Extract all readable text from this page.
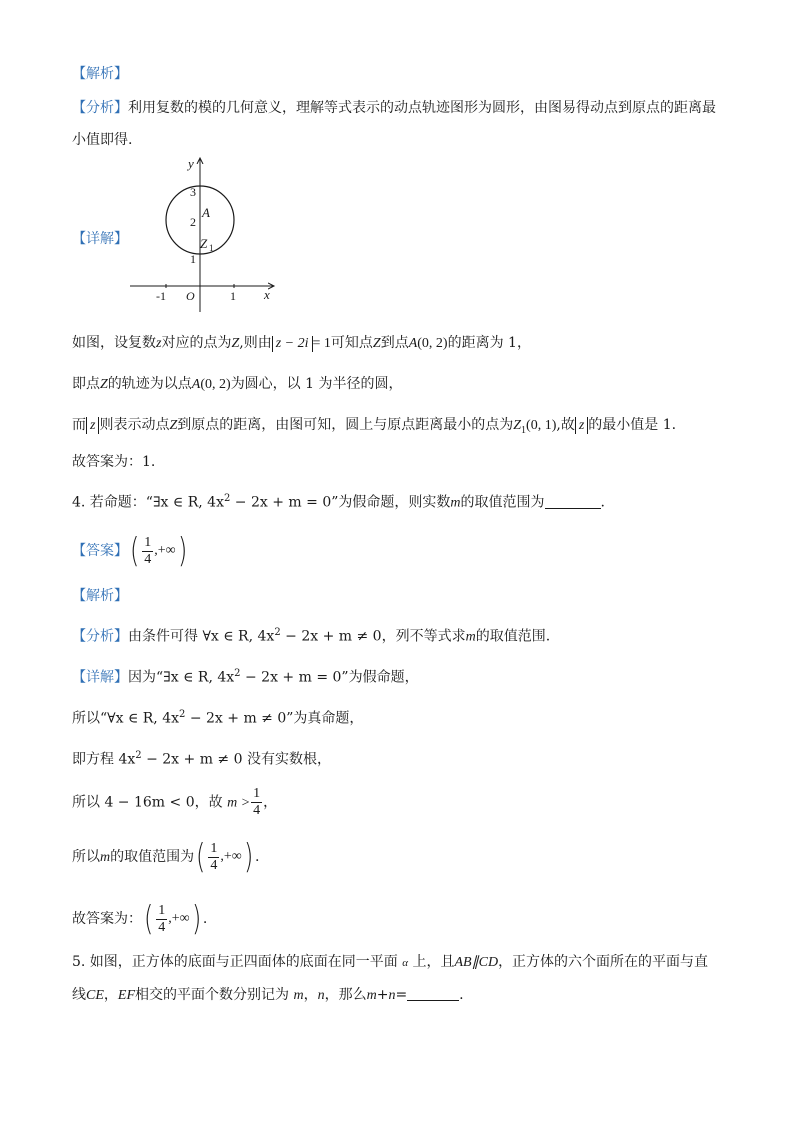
【解析】
【分析】利用复数的模的几何意义，理解等式表示的动点轨迹图形为圆形，由图易得动点到原点的距离最
小值即得.
【详解】
y
x
O
-1	1
1
2
3
A
Z 1
如图，设复数z对应的点为Z,则由 z − 2i = 1可知点Z到点A(0, 2)的距离为 1，
即点Z的轨迹为以点A(0, 2)为圆心，以 1 为半径的圆，
而 z 则表示动点Z到原点的距离，由图可知，圆上与原点距离最小的点为$Z_1(0$, 1),故 z 的最小值是 1.
故答案为：1.
4. 若命题：“∃x ∈ R, $4x^2 - 2x + m = 0$”为假命题，则实数m的取值范围为	.
【答案】 ( $\frac{1}{4}$ ,+∞ )
【解析】
【分析】由条件可得 ∀x ∈ R, $4x^2 - 2x + m \ne 0$，列不等式求m的取值范围.
【详解】因为“∃x ∈ R, $4x^2 - 2x + m = 0$”为假命题，
所以“∀x ∈ R, $4x^2 - 2x + m \ne 0$”为真命题，
即方程 $4x^2 - 2x + m \ne 0$ 没有实数根，
所以 4 − 16m < 0，故 $m > \frac{1}{4}$ ，
所以m的取值范围为 ( $\frac{1}{4}$ ,+∞ ) .
故答案为： ( $\frac{1}{4}$ ,+∞ ) .
5. 如图，正方体的底面与正四面体的底面在同一平面 α 上，且AB∥CD，正方体的六个面所在的平面与直
线CE，EF相交的平面个数分别记为 m，n，那么m+n=	.
